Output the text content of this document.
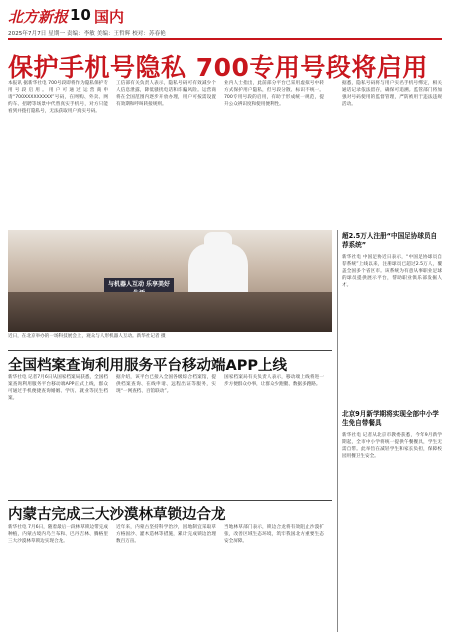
北方新报 10 国内
2025年7月7日 星期一 责编：李敏 美编：王哲辉 校对：苏春艳
保护手机号隐私 700专用号段将启用
本报讯 据新华社电 700号段即将作为隐私保护专用号段启用。用户可通过运营商申请“700XXXXXXXXX”号码，在网购、外卖、网约车、招聘等场景中代替真实手机号，对方只能看到并拨打隐私号，无法获取用户真实号码。
工信部有关负责人表示，隐私号码可有效减少个人信息泄露，降低骚扰电话和诈骗风险。运营商将在全国范围内逐步开放办理，用户可按需设置有效期和呼叫转接规则。
业内人士指出，此前部分平台已采用虚拟号中转方式保护用户隐私，但号段分散、标识不统一。700专用号段的启用，有助于形成统一规范，提升公众辨识度和使用便利性。
据悉，隐私号码将与用户实名手机号绑定，相关通话记录依法留存，确保可追溯。监管部门将加强对号码使用的监督管理，严防被用于违法违规活动。
与机器人互动 乐享美好
近日，在北京举办的一场科技展会上，观众与人形机器人互动。新华社记者 摄
全国档案查询利用服务平台移动端APP上线
新华社电 记者7月6日从国家档案局获悉，全国档案查询利用服务平台移动端APP正式上线，群众可通过手机便捷查询婚姻、学历、就业等民生档案。
据介绍，该平台已接入全国各级综合档案馆，提供档案查询、在线申请、远程出证等服务，实现“一网查档、百馆联动”。
国家档案局有关负责人表示，移动端上线将进一步方便群众办事，让群众少跑腿、数据多跑路。
内蒙古完成三大沙漠林草锁边合龙
新华社电 7月6日，随着最后一段林草锁边带完成种植，内蒙古境内乌兰布和、巴丹吉林、腾格里三大沙漠林草锁边实现合龙。
近年来，内蒙古坚持科学治沙，因地制宜采取草方格固沙、灌木造林等措施，累计完成锁边治理数百万亩。
当地林草部门表示，锁边合龙将有效阻止沙漠扩张，改善区域生态环境，筑牢我国北方重要生态安全屏障。
超2.5万人注册“中国足协球员自荐系统”
新华社电 中国足协近日表示，“中国足协球员自荐系统”上线以来，注册球员已超过2.5万人，覆盖全国多个省区市。该系统为有意从事职业足球的球员提供展示平台，帮助职业俱乐部发掘人才。
北京9月新学期将实现全部中小学生免自带餐具
新华社电 记者从北京市教委获悉，今年9月新学期起，全市中小学将统一提供午餐餐具，学生无需自带。此举旨在减轻学生和家长负担，保障校园用餐卫生安全。
